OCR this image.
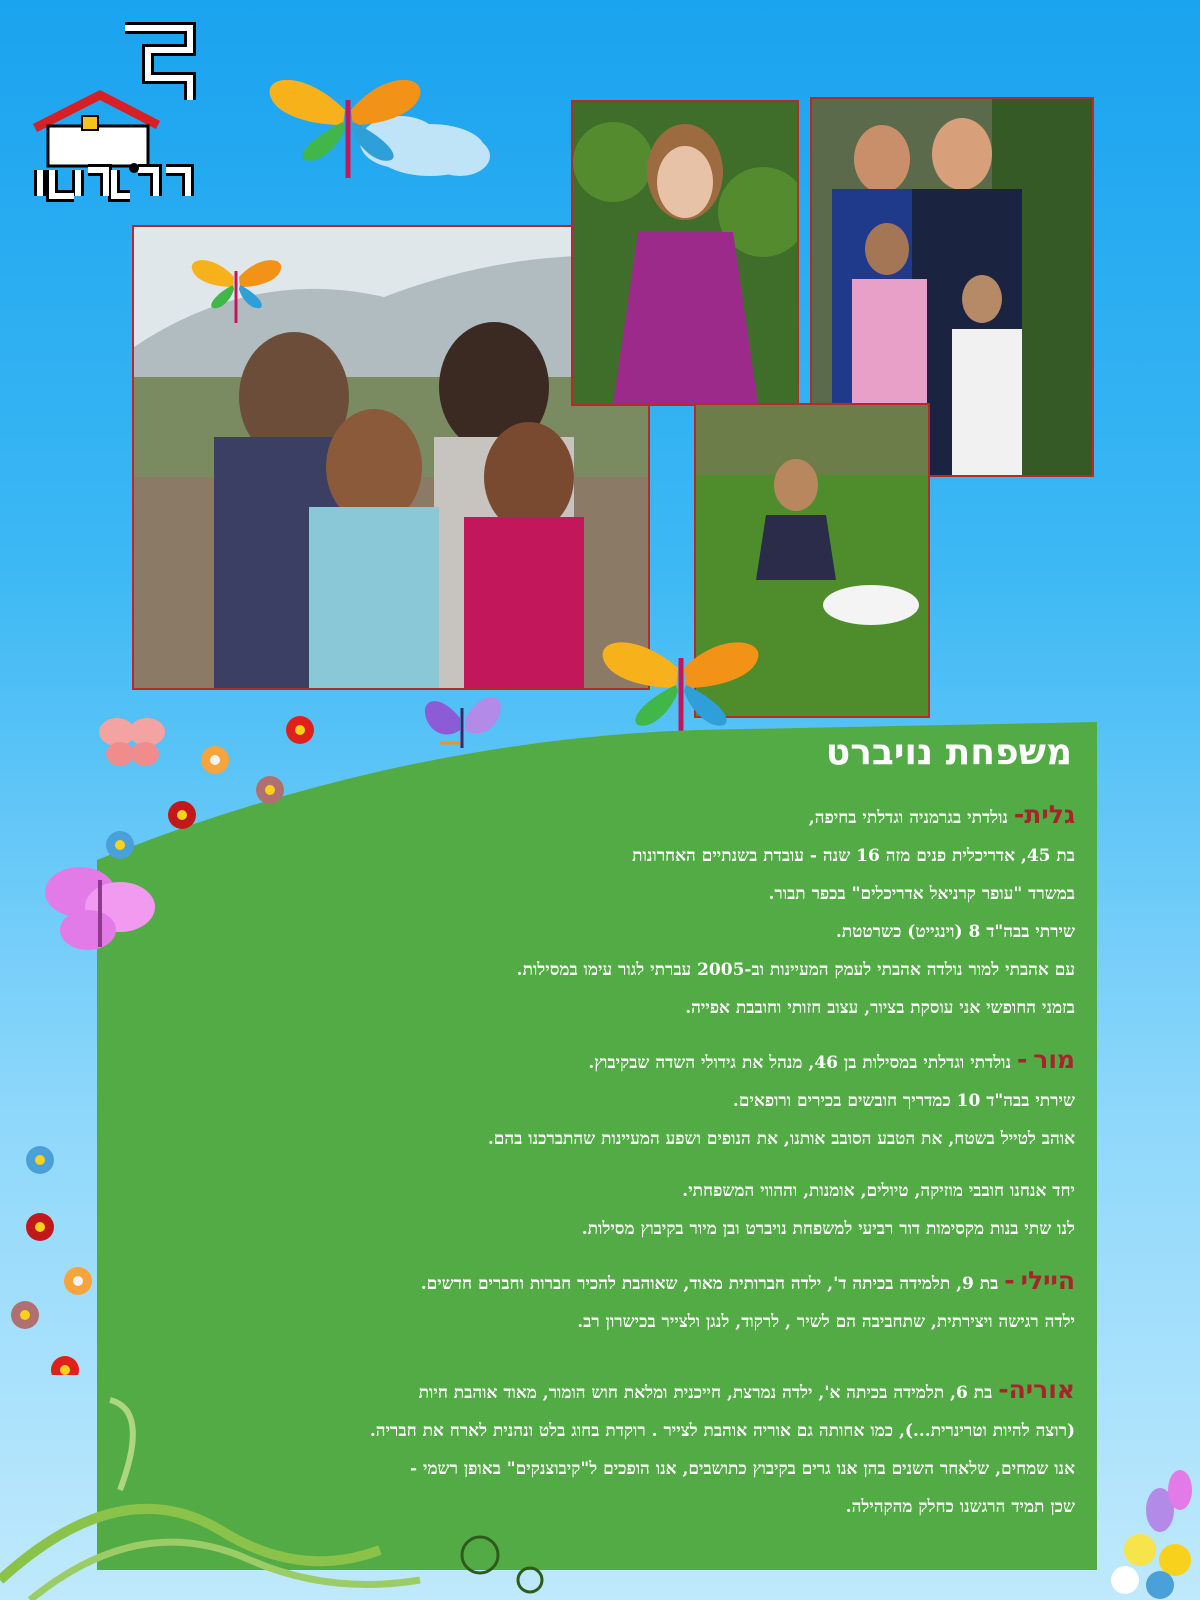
משפחת נויברט

גלית- נולדתי בגרמניה וגדלתי בחיפה,

בת 45, אדריכלית פנים מזה 16 שנה - עובדת בשנתיים האחרונות

במשרד "עופר קרניאל אדריכלים" בכפר תבור.

שירתי בבה"ד 8 (וינגייט) כשרטטת.

עם אהבתי למור נולדה אהבתי לעמק המעיינות וב-2005 עברתי לגור עימו במסילות.

בזמני החופשי אני עוסקת בציור, עצוב חזותי וחובבת אפייה.

מור - נולדתי וגדלתי במסילות בן 46, מנהל את גידולי השדה שבקיבוץ.

שירתי בבה"ד 10 כמדריך חובשים בכירים ורופאים.

אוהב לטייל בשטח, את הטבע הסובב אותנו, את הנופים ושפע המעיינות שהתברכנו בהם.

יחד אנחנו חובבי מוזיקה, טיולים, אומנות, וההווי המשפחתי.

לנו שתי בנות מקסימות דור רביעי למשפחת נויברט ובן מיור בקיבוץ מסילות.

היילי - בת 9, תלמידה בכיתה ד', ילדה חברותית מאוד, שאוהבת להכיר חברות וחברים חדשים.

ילדה רגישה ויצירתית, שתחביבה הם לשיר , לרקוד, לנגן ולצייר בכישרון רב.

אוריה- בת 6, תלמידה בכיתה א', ילדה נמרצת, חייכנית ומלאת חוש הומור, מאוד אוהבת חיות

(רוצה להיות וטרינרית...), כמו אחותה גם אוריה אוהבת לצייר . רוקדת בחוג בלט ונהנית לארח את חבריה.

אנו שמחים, שלאחר השנים בהן אנו גרים בקיבוץ כתושבים, אנו הופכים ל"קיבוצנקים" באופן רשמי -

שכן תמיד הרגשנו כחלק מהקהילה.
